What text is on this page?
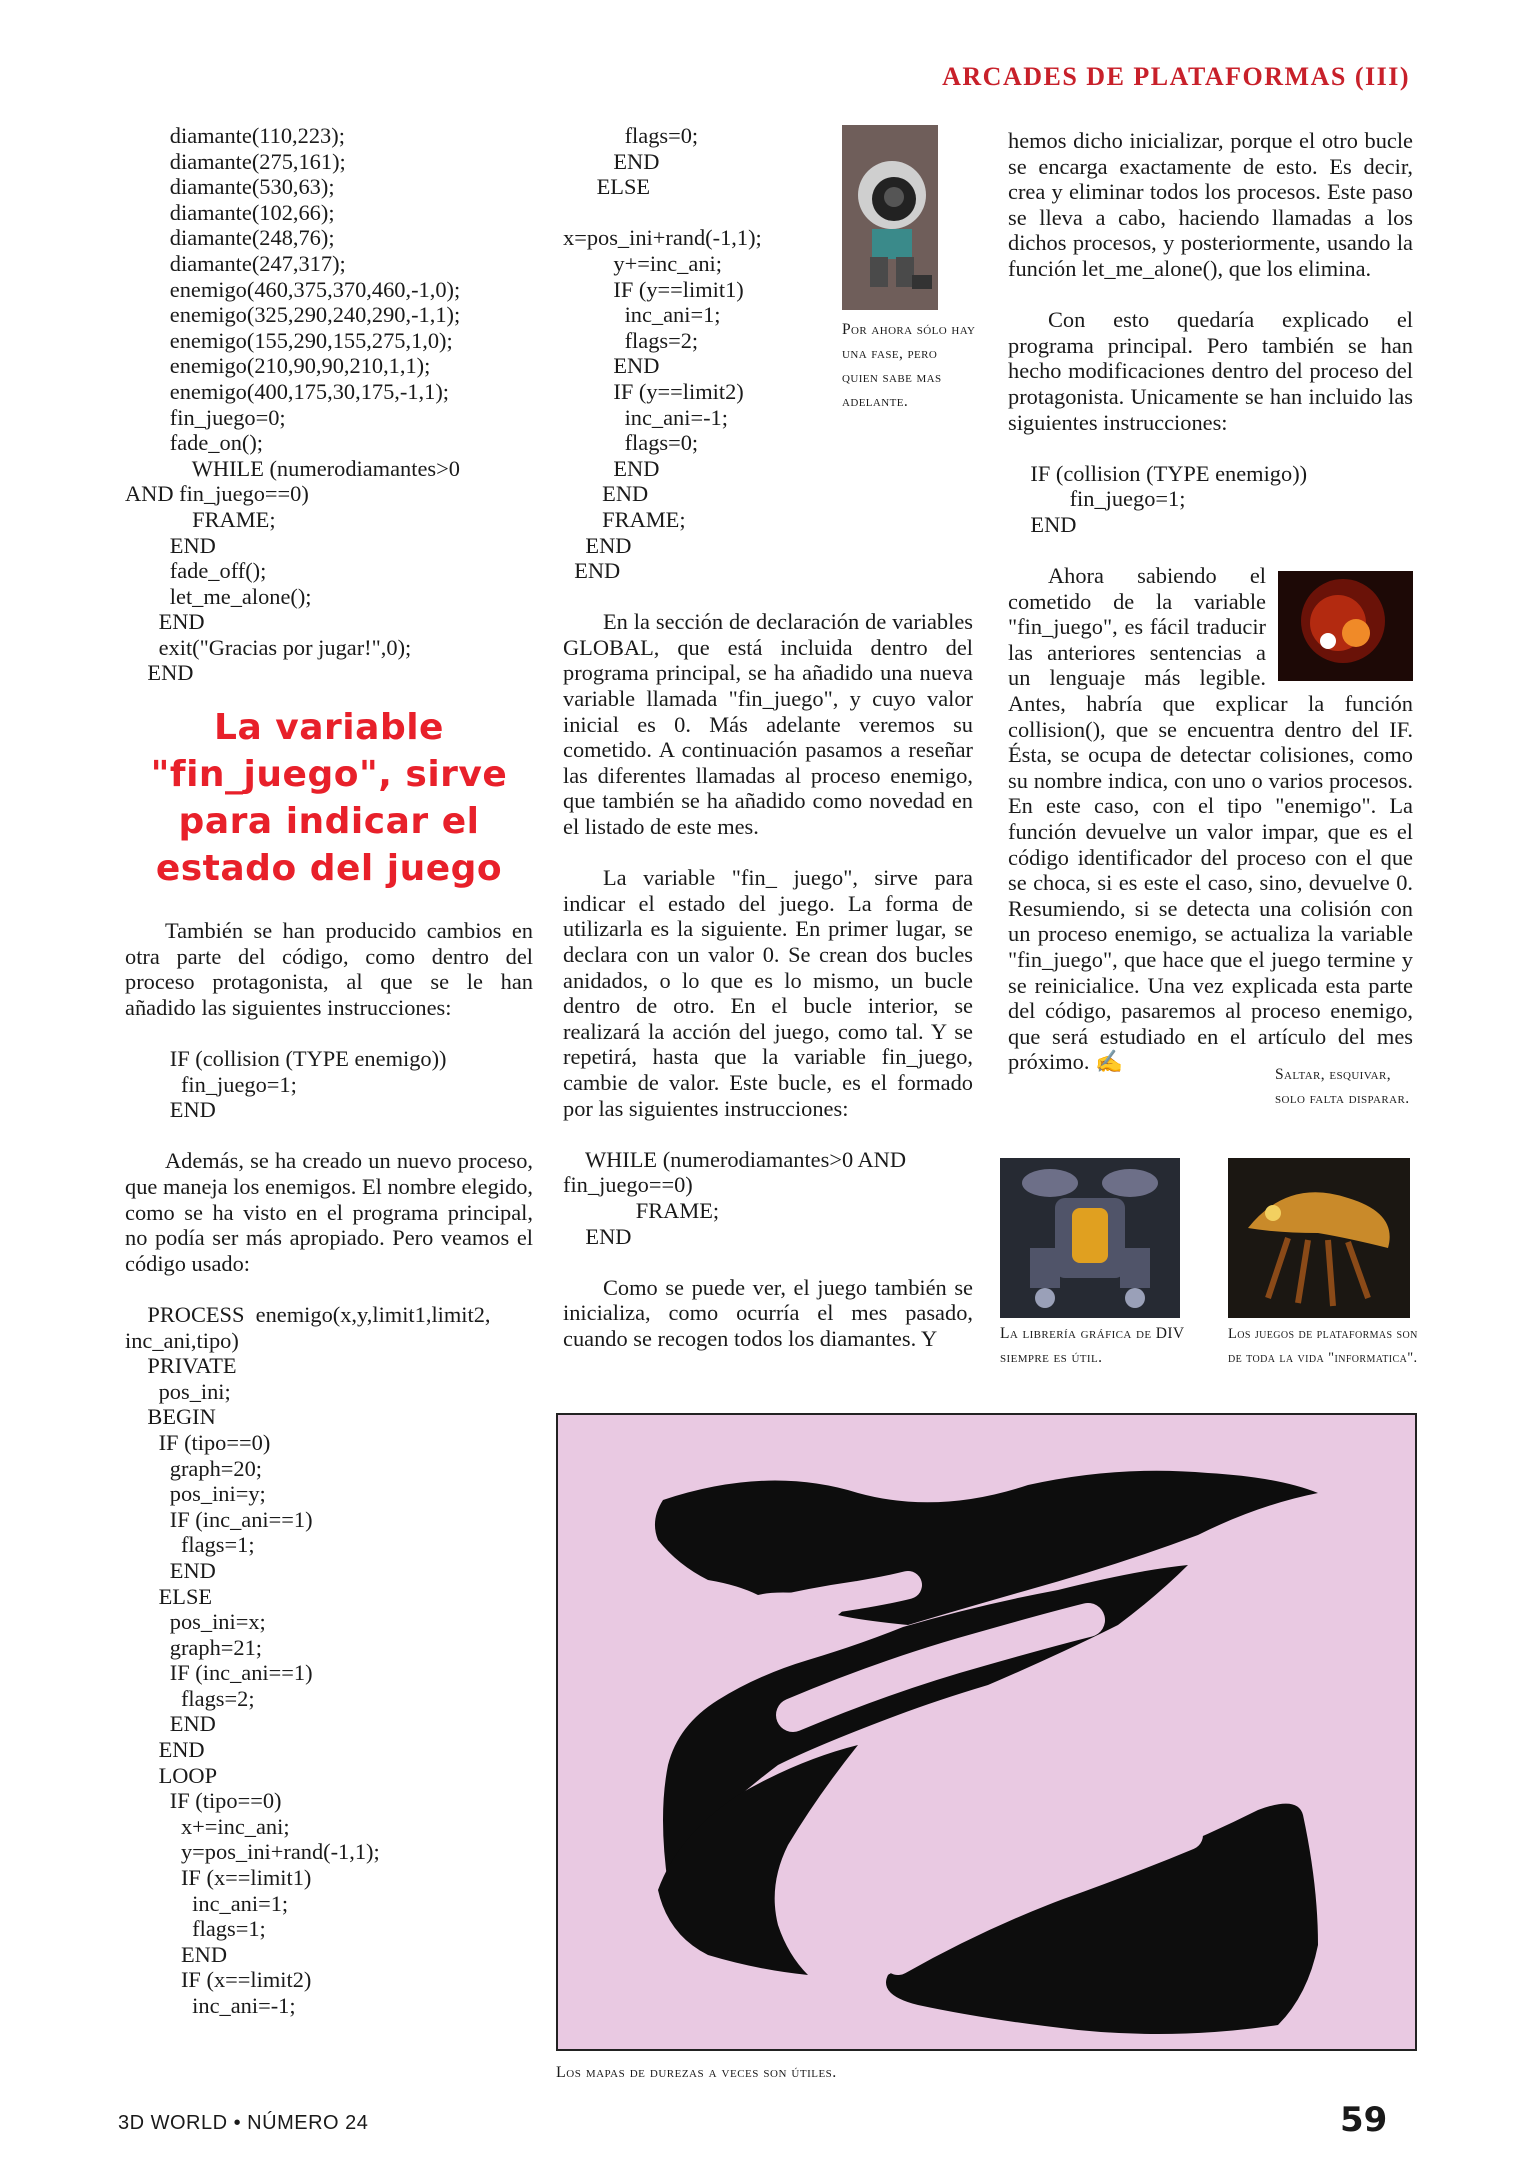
ARCADES DE PLATAFORMAS (III)
diamante(110,223);
diamante(275,161);
diamante(530,63);
diamante(102,66);
diamante(248,76);
diamante(247,317);
enemigo(460,375,370,460,-1,0);
enemigo(325,290,240,290,-1,1);
enemigo(155,290,155,275,1,0);
enemigo(210,90,90,210,1,1);
enemigo(400,175,30,175,-1,1);
fin_juego=0;
fade_on();
WHILE (numerodiamantes>0
AND fin_juego==0)
FRAME;
END
fade_off();
let_me_alone();
END
exit("Gracias por jugar!",0);
END
La variable "fin_juego", sirve para indicar el estado del juego

También se han producido cambios en otra parte del código, como dentro del proceso protagonista, al que se le han añadido las siguientes instrucciones:

IF (collision (TYPE enemigo))
fin_juego=1;
END

Además, se ha creado un nuevo proceso, que maneja los enemigos. El nombre elegido, como se ha visto en el programa principal, no podía ser más apropiado. Pero veamos el código usado:

PROCESS  enemigo(x,y,limit1,limit2,
inc_ani,tipo)
PRIVATE
pos_ini;
BEGIN
IF (tipo==0)
graph=20;
pos_ini=y;
IF (inc_ani==1)
flags=1;
END
ELSE
pos_ini=x;
graph=21;
IF (inc_ani==1)
flags=2;
END
END
LOOP
IF (tipo==0)
x+=inc_ani;
y=pos_ini+rand(-1,1);
IF (x==limit1)
inc_ani=1;
flags=1;
END
IF (x==limit2)
inc_ani=-1;
flags=0;
END
ELSE

x=pos_ini+rand(-1,1);
y+=inc_ani;
IF (y==limit1)
inc_ani=1;
flags=2;
END
IF (y==limit2)
inc_ani=-1;
flags=0;
END
END
FRAME;
END
END

En la sección de declaración de variables GLOBAL, que está incluida dentro del programa principal, se ha añadido una nueva variable llamada "fin_juego", y cuyo valor inicial es 0. Más adelante veremos su cometido. A continuación pasamos a reseñar las diferentes llamadas al proceso enemigo, que también se ha añadido como novedad en el listado de este mes.

La variable "fin_ juego", sirve para indicar el estado del juego. La forma de utilizarla es la siguiente. En primer lugar, se declara con un valor 0. Se crean dos bucles anidados, o lo que es lo mismo, un bucle dentro de otro. En el bucle interior, se realizará la acción del juego, como tal. Y se repetirá, hasta que la variable fin_juego, cambie de valor. Este bucle, es el formado por las siguientes instrucciones:

WHILE (numerodiamantes>0 AND
fin_juego==0)
FRAME;
END

Como se puede ver, el juego también se inicializa, como ocurría el mes pasado, cuando se recogen todos los diamantes. Y

Por ahora sólo hay una fase, pero quien sabe mas adelante.

hemos dicho inicializar, porque el otro bucle se encarga exactamente de esto. Es decir, crea y eliminar todos los procesos. Este paso se lleva a cabo, haciendo llamadas a los dichos procesos, y posteriormente, usando la función let_me_alone(), que los elimina.

Con esto quedaría explicado el programa principal. Pero también se han hecho modificaciones dentro del proceso del protagonista. Unicamente se han incluido las siguientes instrucciones:

IF (collision (TYPE enemigo))
fin_juego=1;
END

Ahora sabiendo el cometido de la variable "fin_juego", es fácil traducir las anteriores sentencias a un lenguaje más legible. Antes, habría que explicar la función collision(), que se encuentra dentro del IF. Ésta, se ocupa de detectar colisiones, como su nombre indica, con uno o varios procesos. En este caso, con el tipo "enemigo". La función devuelve un valor impar, que es el código identificador del proceso con el que se choca, si es este el caso, sino, devuelve 0. Resumiendo, si se detecta una colisión con un proceso enemigo, se actualiza la variable "fin_juego", que hace que el juego termine y se reinicialice. Una vez explicada esta parte del código, pasaremos al proceso enemigo, que será estudiado en el artículo del mes próximo. ✍

Saltar, esquivar, solo falta disparar.
La librería gráfica de DIV siempre es útil.
Los juegos de plataformas son de toda la vida "informatica".
Los mapas de durezas a veces son útiles.
3D WORLD • NÚMERO 24	59
